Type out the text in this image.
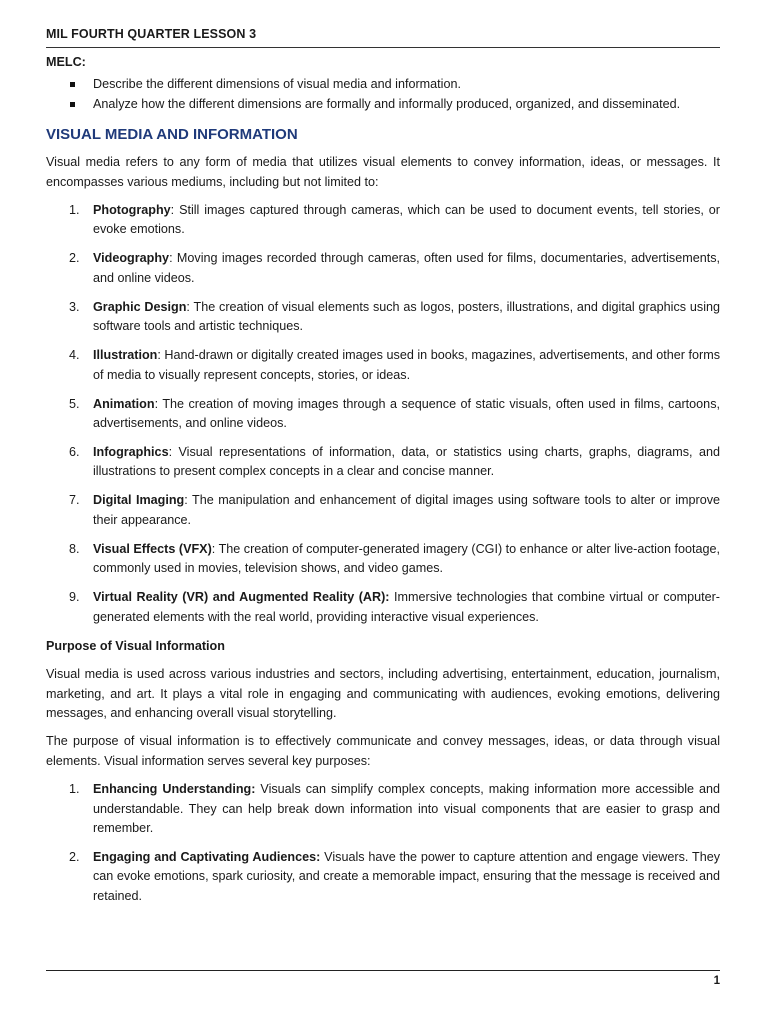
MIL FOURTH QUARTER LESSON 3
MELC:
Describe the different dimensions of visual media and information.
Analyze how the different dimensions are formally and informally produced, organized, and disseminated.
VISUAL MEDIA AND INFORMATION

Visual media refers to any form of media that utilizes visual elements to convey information, ideas, or messages. It encompasses various mediums, including but not limited to:

1. Photography: Still images captured through cameras, which can be used to document events, tell stories, or evoke emotions.
2. Videography: Moving images recorded through cameras, often used for films, documentaries, advertisements, and online videos.
3. Graphic Design: The creation of visual elements such as logos, posters, illustrations, and digital graphics using software tools and artistic techniques.
4. Illustration: Hand-drawn or digitally created images used in books, magazines, advertisements, and other forms of media to visually represent concepts, stories, or ideas.
5. Animation: The creation of moving images through a sequence of static visuals, often used in films, cartoons, advertisements, and online videos.
6. Infographics: Visual representations of information, data, or statistics using charts, graphs, diagrams, and illustrations to present complex concepts in a clear and concise manner.
7. Digital Imaging: The manipulation and enhancement of digital images using software tools to alter or improve their appearance.
8. Visual Effects (VFX): The creation of computer-generated imagery (CGI) to enhance or alter live-action footage, commonly used in movies, television shows, and video games.
9. Virtual Reality (VR) and Augmented Reality (AR): Immersive technologies that combine virtual or computer-generated elements with the real world, providing interactive visual experiences.
Purpose of Visual Information

Visual media is used across various industries and sectors, including advertising, entertainment, education, journalism, marketing, and art. It plays a vital role in engaging and communicating with audiences, evoking emotions, delivering messages, and enhancing overall visual storytelling.

The purpose of visual information is to effectively communicate and convey messages, ideas, or data through visual elements. Visual information serves several key purposes:

1. Enhancing Understanding: Visuals can simplify complex concepts, making information more accessible and understandable. They can help break down information into visual components that are easier to grasp and remember.
2. Engaging and Captivating Audiences: Visuals have the power to capture attention and engage viewers. They can evoke emotions, spark curiosity, and create a memorable impact, ensuring that the message is received and retained.
1
